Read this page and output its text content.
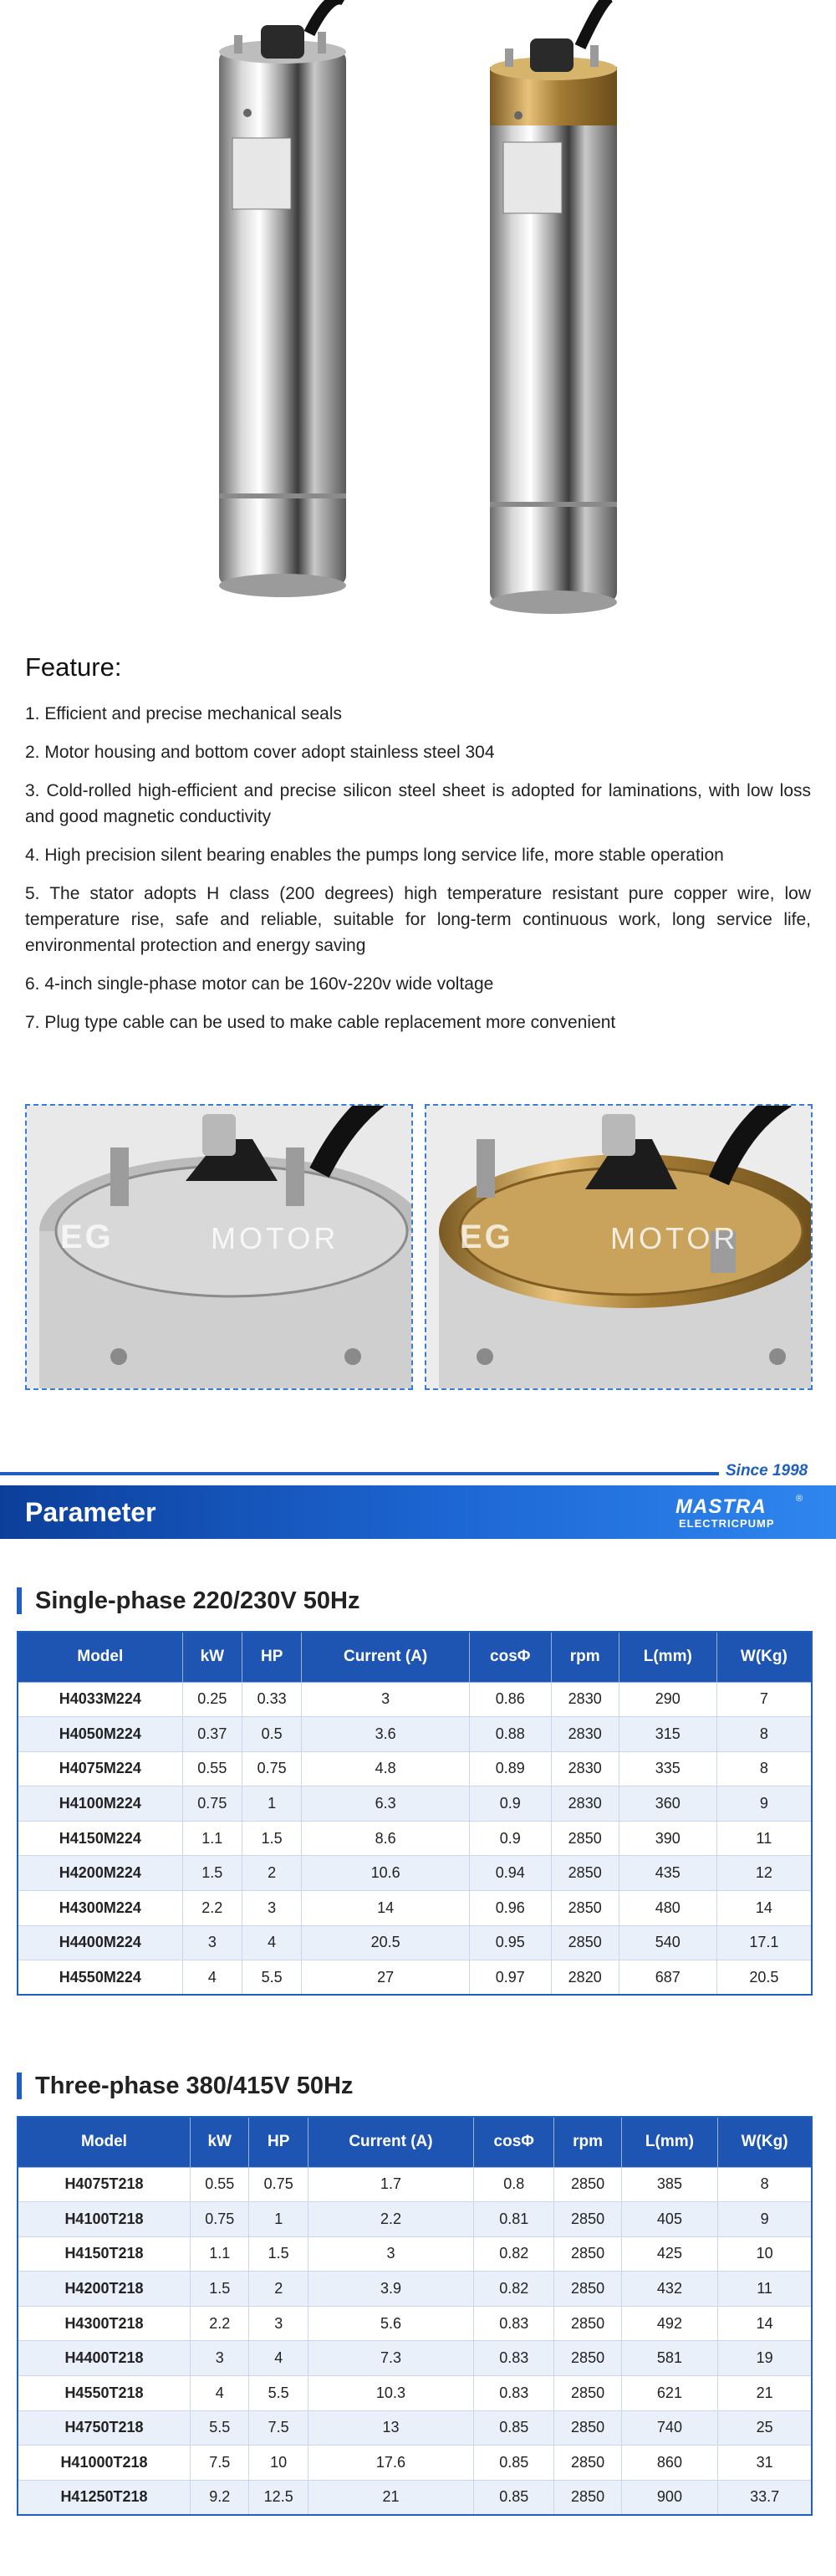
Feature:

1. Efficient and precise mechanical seals

2. Motor housing and bottom cover adopt stainless steel 304

3. Cold-rolled high-efficient and precise silicon steel sheet is adopted for laminations, with low loss and good magnetic conductivity

4. High precision silent bearing enables the pumps long service life, more stable operation

5. The stator adopts H class (200 degrees) high temperature resistant pure copper wire, low temperature rise, safe and reliable, suitable for long-term continuous work, long service life, environmental protection and energy saving

6. 4-inch single-phase motor can be 160v-220v wide voltage

7. Plug type cable can be used to make cable replacement more convenient

EG	MOTOR	EG	MOTOR
Since 1998
Parameter	MASTRA
ELECTRICPUMP
®
Single-phase 220/230V 50Hz
Model	kW	HP	Current (A)	cosΦ	rpm	L(mm)	W(Kg)
H4033M224	0.25	0.33	3	0.86	2830	290	7
H4050M224	0.37	0.5	3.6	0.88	2830	315	8
H4075M224	0.55	0.75	4.8	0.89	2830	335	8
H4100M224	0.75	1	6.3	0.9	2830	360	9
H4150M224	1.1	1.5	8.6	0.9	2850	390	11
H4200M224	1.5	2	10.6	0.94	2850	435	12
H4300M224	2.2	3	14	0.96	2850	480	14
H4400M224	3	4	20.5	0.95	2850	540	17.1
H4550M224	4	5.5	27	0.97	2820	687	20.5
Three-phase 380/415V 50Hz
Model	kW	HP	Current (A)	cosΦ	rpm	L(mm)	W(Kg)
H4075T218	0.55	0.75	1.7	0.8	2850	385	8
H4100T218	0.75	1	2.2	0.81	2850	405	9
H4150T218	1.1	1.5	3	0.82	2850	425	10
H4200T218	1.5	2	3.9	0.82	2850	432	11
H4300T218	2.2	3	5.6	0.83	2850	492	14
H4400T218	3	4	7.3	0.83	2850	581	19
H4550T218	4	5.5	10.3	0.83	2850	621	21
H4750T218	5.5	7.5	13	0.85	2850	740	25
H41000T218	7.5	10	17.6	0.85	2850	860	31
H41250T218	9.2	12.5	21	0.85	2850	900	33.7
